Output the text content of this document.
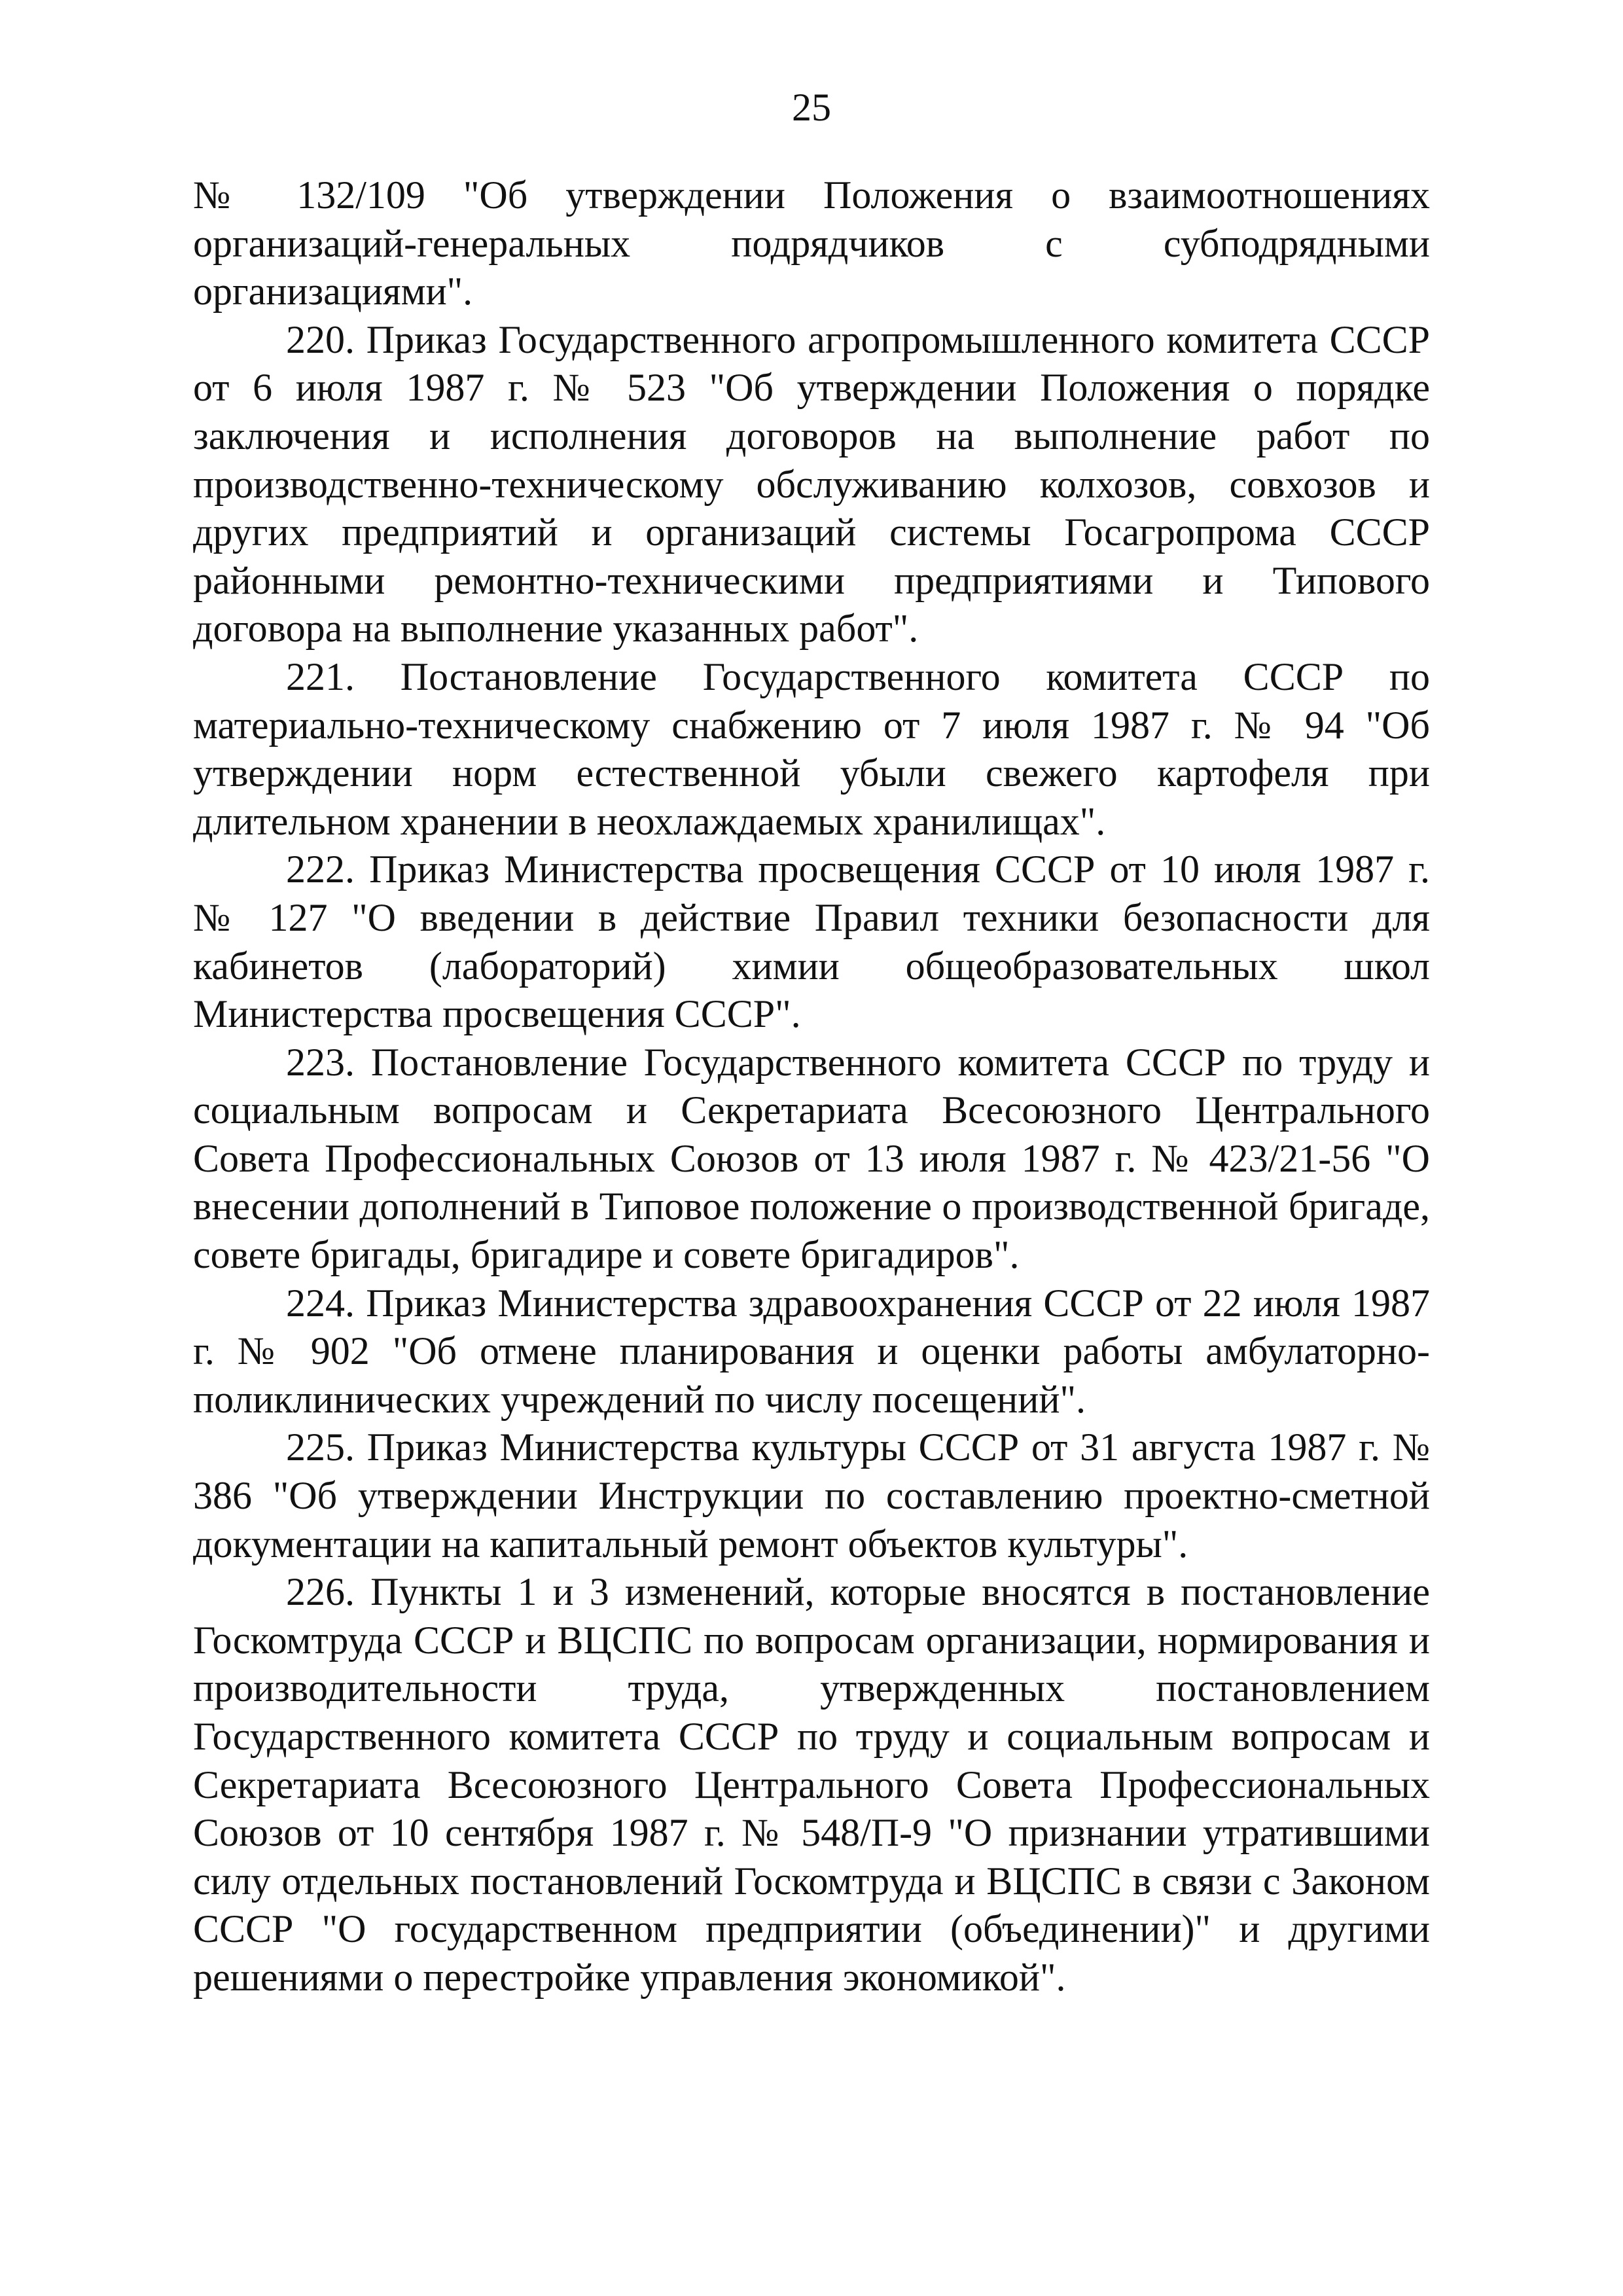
25

№ 132/109 "Об утверждении Положения о взаимоотношениях организаций-генеральных подрядчиков с субподрядными организациями".

220. Приказ Государственного агропромышленного комитета СССР от 6 июля 1987 г. № 523 "Об утверждении Положения о порядке заключения и исполнения договоров на выполнение работ по производственно-техническому обслуживанию колхозов, совхозов и других предприятий и организаций системы Госагропрома СССР районными ремонтно-техническими предприятиями и Типового договора на выполнение указанных работ".

221. Постановление Государственного комитета СССР по материально-техническому снабжению от 7 июля 1987 г. № 94 "Об утверждении норм естественной убыли свежего картофеля при длительном хранении в неохлаждаемых хранилищах".

222. Приказ Министерства просвещения СССР от 10 июля 1987 г. № 127 "О введении в действие Правил техники безопасности для кабинетов (лабораторий) химии общеобразовательных школ Министерства просвещения СССР".

223. Постановление Государственного комитета СССР по труду и социальным вопросам и Секретариата Всесоюзного Центрального Совета Профессиональных Союзов от 13 июля 1987 г. № 423/21-56 "О внесении дополнений в Типовое положение о производственной бригаде, совете бригады, бригадире и совете бригадиров".

224. Приказ Министерства здравоохранения СССР от 22 июля 1987 г. № 902 "Об отмене планирования и оценки работы амбулаторно-поликлинических учреждений по числу посещений".

225. Приказ Министерства культуры СССР от 31 августа 1987 г. № 386 "Об утверждении Инструкции по составлению проектно-сметной документации на капитальный ремонт объектов культуры".

226. Пункты 1 и 3 изменений, которые вносятся в постановление Госкомтруда СССР и ВЦСПС по вопросам организации, нормирования и производительности труда, утвержденных постановлением Государственного комитета СССР по труду и социальным вопросам и Секретариата Всесоюзного Центрального Совета Профессиональных Союзов от 10 сентября 1987 г. № 548/П-9 "О признании утратившими силу отдельных постановлений Госкомтруда и ВЦСПС в связи с Законом СССР "О государственном предприятии (объединении)" и другими решениями о перестройке управления экономикой".
